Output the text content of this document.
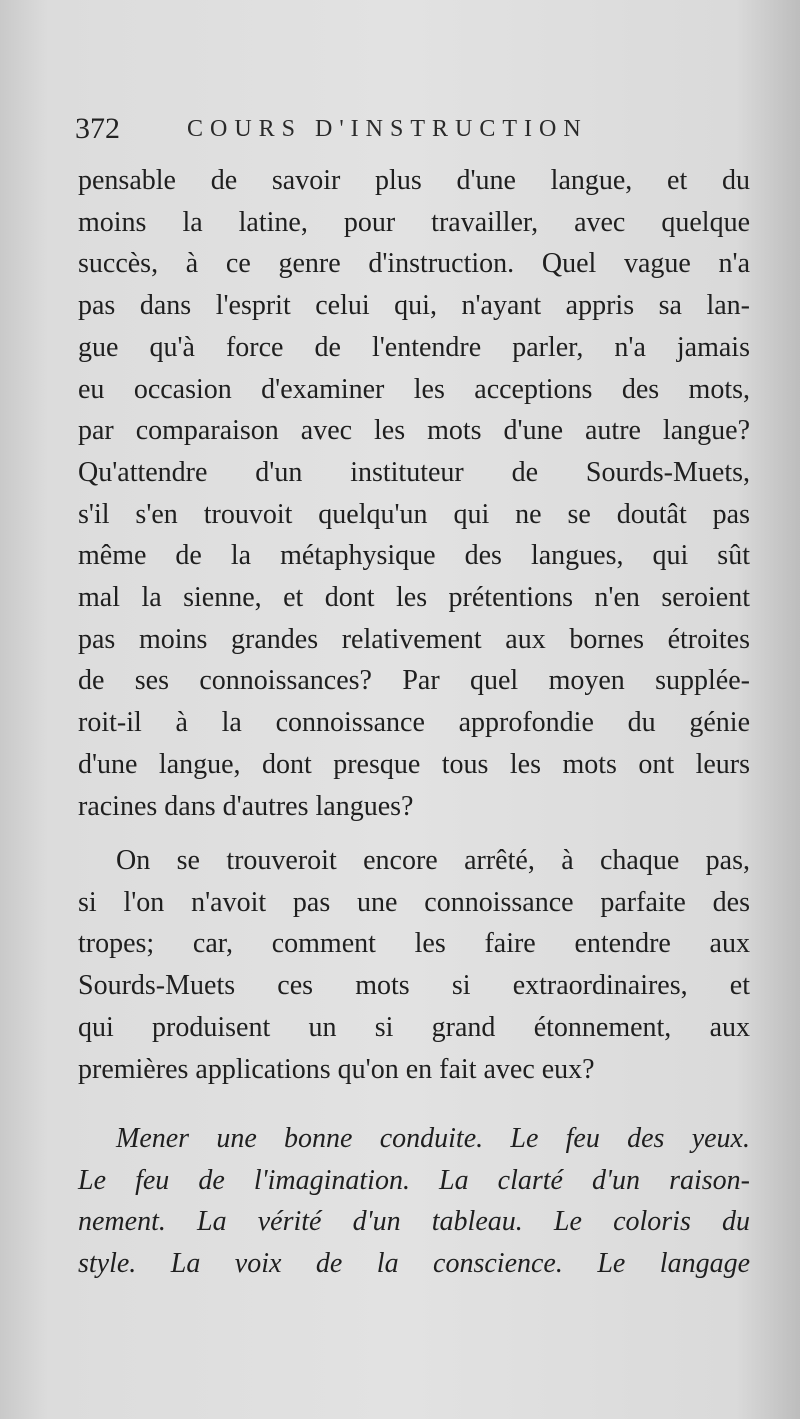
372	COURS D'INSTRUCTION
pensable de savoir plus d'une langue, et du
moins la latine, pour travailler, avec quelque
succès, à ce genre d'instruction. Quel vague n'a
pas dans l'esprit celui qui, n'ayant appris sa lan-
gue qu'à force de l'entendre parler, n'a jamais
eu occasion d'examiner les acceptions des mots,
par comparaison avec les mots d'une autre langue?
Qu'attendre d'un instituteur de Sourds-Muets,
s'il s'en trouvoit quelqu'un qui ne se doutât pas
même de la métaphysique des langues, qui sût
mal la sienne, et dont les prétentions n'en seroient
pas moins grandes relativement aux bornes étroites
de ses connoissances? Par quel moyen supplée-
roit-il à la connoissance approfondie du génie
d'une langue, dont presque tous les mots ont leurs
racines dans d'autres langues?
On se trouveroit encore arrêté, à chaque pas,
si l'on n'avoit pas une connoissance parfaite des
tropes; car, comment les faire entendre aux
Sourds-Muets ces mots si extraordinaires, et
qui produisent un si grand étonnement, aux
premières applications qu'on en fait avec eux?
Mener une bonne conduite. Le feu des yeux.
Le feu de l'imagination. La clarté d'un raison-
nement. La vérité d'un tableau. Le coloris du
style. La voix de la conscience. Le langage
